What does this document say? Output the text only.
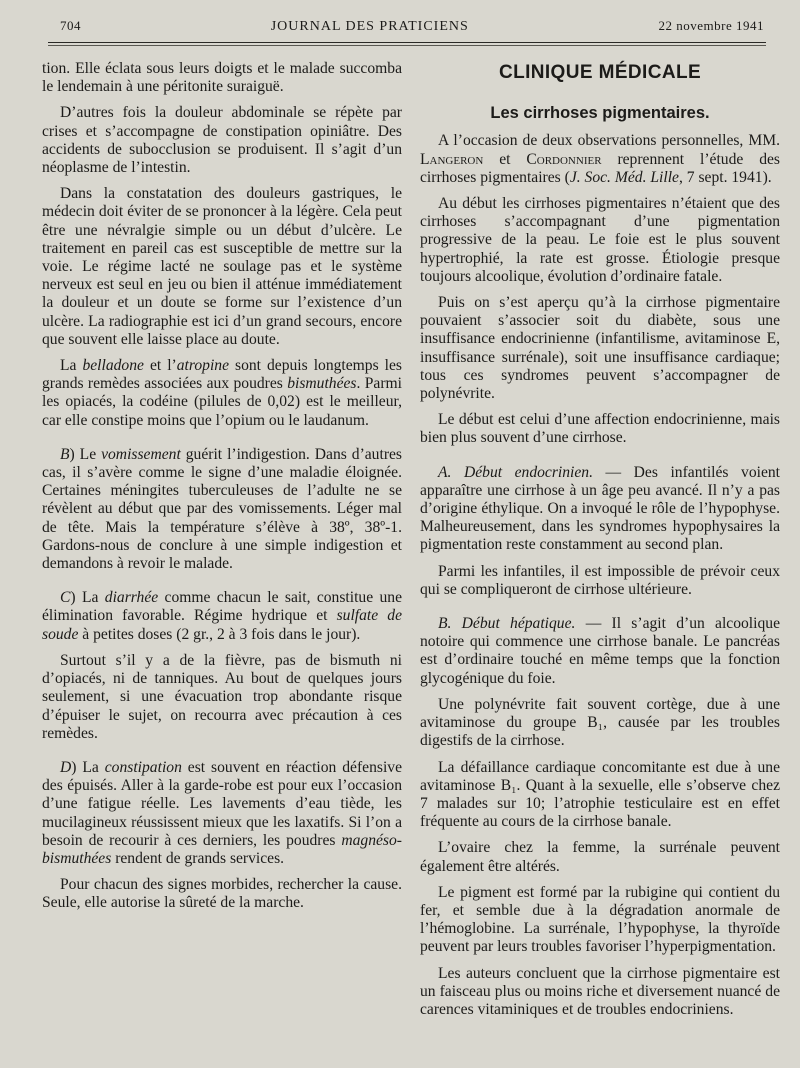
704	JOURNAL DES PRATICIENS	22 novembre 1941

tion. Elle éclata sous leurs doigts et le malade succomba le lendemain à une péritonite suraiguë.

D’autres fois la douleur abdominale se répète par crises et s’accompagne de constipation opiniâtre. Des accidents de subocclusion se produisent. Il s’agit d’un néoplasme de l’intestin.

Dans la constatation des douleurs gastriques, le médecin doit éviter de se prononcer à la légère. Cela peut être une névralgie simple ou un début d’ulcère. Le traitement en pareil cas est susceptible de mettre sur la voie. Le régime lacté ne soulage pas et le système nerveux est seul en jeu ou bien il atténue immédiatement la douleur et un doute se forme sur l’existence d’un ulcère. La radiographie est ici d’un grand secours, encore que souvent elle laisse place au doute.

La belladone et l’atropine sont depuis longtemps les grands remèdes associées aux poudres bismuthées. Parmi les opiacés, la codéine (pilules de 0,02) est le meilleur, car elle constipe moins que l’opium ou le laudanum.

B) Le vomissement guérit l’indigestion. Dans d’autres cas, il s’avère comme le signe d’une maladie éloignée. Certaines méningites tuberculeuses de l’adulte ne se révèlent au début que par des vomissements. Léger mal de tête. Mais la température s’élève à 38º, 38º-1. Gardons-nous de conclure à une simple indigestion et demandons à revoir le malade.

C) La diarrhée comme chacun le sait, constitue une élimination favorable. Régime hydrique et sulfate de soude à petites doses (2 gr., 2 à 3 fois dans le jour).

Surtout s’il y a de la fièvre, pas de bismuth ni d’opiacés, ni de tanniques. Au bout de quelques jours seulement, si une évacuation trop abondante risque d’épuiser le sujet, on recourra avec précaution à ces remèdes.

D) La constipation est souvent en réaction défensive des épuisés. Aller à la garde-robe est pour eux l’occasion d’une fatigue réelle. Les lavements d’eau tiède, les mucilagineux réussissent mieux que les laxatifs. Si l’on a besoin de recourir à ces derniers, les poudres magnéso-bismuthées rendent de grands services.

Pour chacun des signes morbides, rechercher la cause. Seule, elle autorise la sûreté de la marche.

CLINIQUE MÉDICALE
Les cirrhoses pigmentaires.

A l’occasion de deux observations personnelles, MM. Langeron et Cordonnier reprennent l’étude des cirrhoses pigmentaires (J. Soc. Méd. Lille, 7 sept. 1941).

Au début les cirrhoses pigmentaires n’étaient que des cirrhoses s’accompagnant d’une pigmentation progressive de la peau. Le foie est le plus souvent hypertrophié, la rate est grosse. Étiologie presque toujours alcoolique, évolution d’ordinaire fatale.

Puis on s’est aperçu qu’à la cirrhose pigmentaire pouvaient s’associer soit du diabète, sous une insuffisance endocrinienne (infantilisme, avitaminose E, insuffisance surrénale), soit une insuffisance cardiaque; tous ces syndromes peuvent s’accompagner de polynévrite.

Le début est celui d’une affection endocrinienne, mais bien plus souvent d’une cirrhose.

A. Début endocrinien. — Des infantilés voient apparaître une cirrhose à un âge peu avancé. Il n’y a pas d’origine éthylique. On a invoqué le rôle de l’hypophyse. Malheureusement, dans les syndromes hypophysaires la pigmentation reste constamment au second plan.

Parmi les infantiles, il est impossible de prévoir ceux qui se compliqueront de cirrhose ultérieure.

B. Début hépatique. — Il s’agit d’un alcoolique notoire qui commence une cirrhose banale. Le pancréas est d’ordinaire touché en même temps que la fonction glycogénique du foie.

Une polynévrite fait souvent cortège, due à une avitaminose du groupe B₁, causée par les troubles digestifs de la cirrhose.

La défaillance cardiaque concomitante est due à une avitaminose B₁. Quant à la sexuelle, elle s’observe chez 7 malades sur 10; l’atrophie testiculaire est en effet fréquente au cours de la cirrhose banale.

L’ovaire chez la femme, la surrénale peuvent également être altérés.

Le pigment est formé par la rubigine qui contient du fer, et semble due à la dégradation anormale de l’hémoglobine. La surrénale, l’hypophyse, la thyroïde peuvent par leurs troubles favoriser l’hyperpigmentation.

Les auteurs concluent que la cirrhose pigmentaire est un faisceau plus ou moins riche et diversement nuancé de carences vitaminiques et de troubles endocriniens.
